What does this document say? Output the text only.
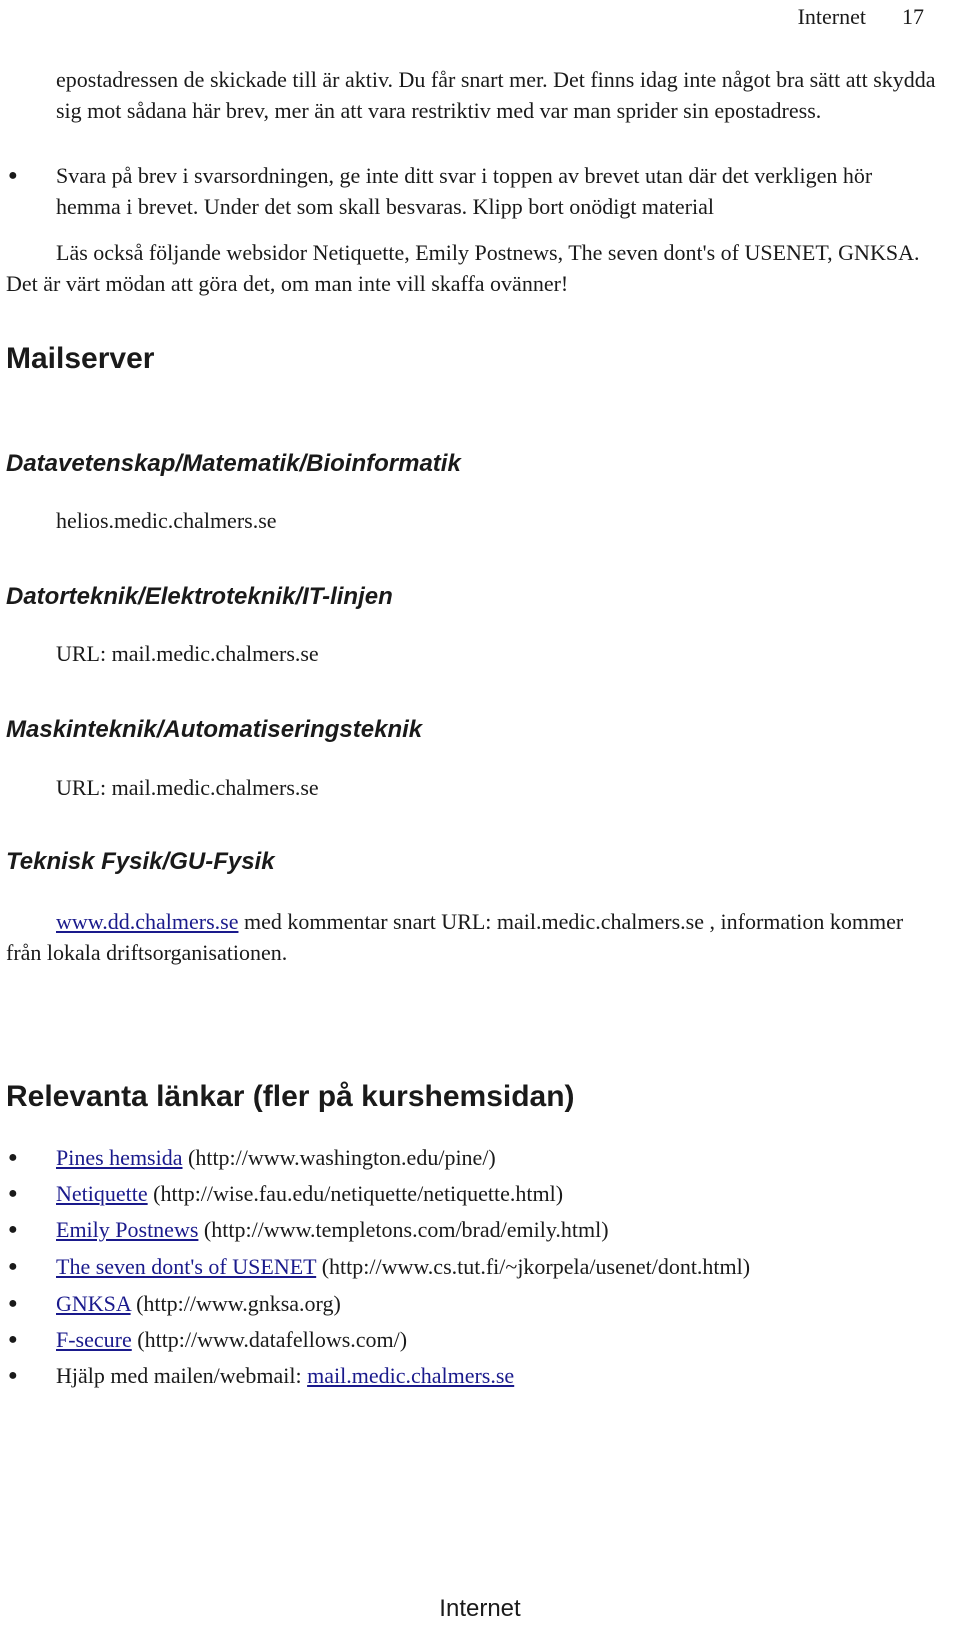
Internet 17
epostadressen de skickade till är aktiv. Du får snart mer. Det finns idag inte något bra sätt att skydda sig mot sådana här brev, mer än att vara restriktiv med var man sprider sin epostadress.
● Svara på brev i svarsordningen, ge inte ditt svar i toppen av brevet utan där det verkligen hör hemma i brevet. Under det som skall besvaras. Klipp bort onödigt material
Läs också följande websidor Netiquette, Emily Postnews, The seven dont's of USENET, GNKSA. Det är värt mödan att göra det, om man inte vill skaffa ovänner!
Mailserver
Datavetenskap/Matematik/Bioinformatik
helios.medic.chalmers.se
Datorteknik/Elektroteknik/IT-linjen
URL: mail.medic.chalmers.se
Maskinteknik/Automatiseringsteknik
URL: mail.medic.chalmers.se
Teknisk Fysik/GU-Fysik
www.dd.chalmers.se med kommentar snart URL: mail.medic.chalmers.se , information kommer från lokala driftsorganisationen.
Relevanta länkar (fler på kurshemsidan)
● Pines hemsida (http://www.washington.edu/pine/)
● Netiquette (http://wise.fau.edu/netiquette/netiquette.html)
● Emily Postnews (http://www.templetons.com/brad/emily.html)
● The seven dont's of USENET (http://www.cs.tut.fi/~jkorpela/usenet/dont.html)
● GNKSA (http://www.gnksa.org)
● F-secure (http://www.datafellows.com/)
● Hjälp med mailen/webmail: mail.medic.chalmers.se
Internet
